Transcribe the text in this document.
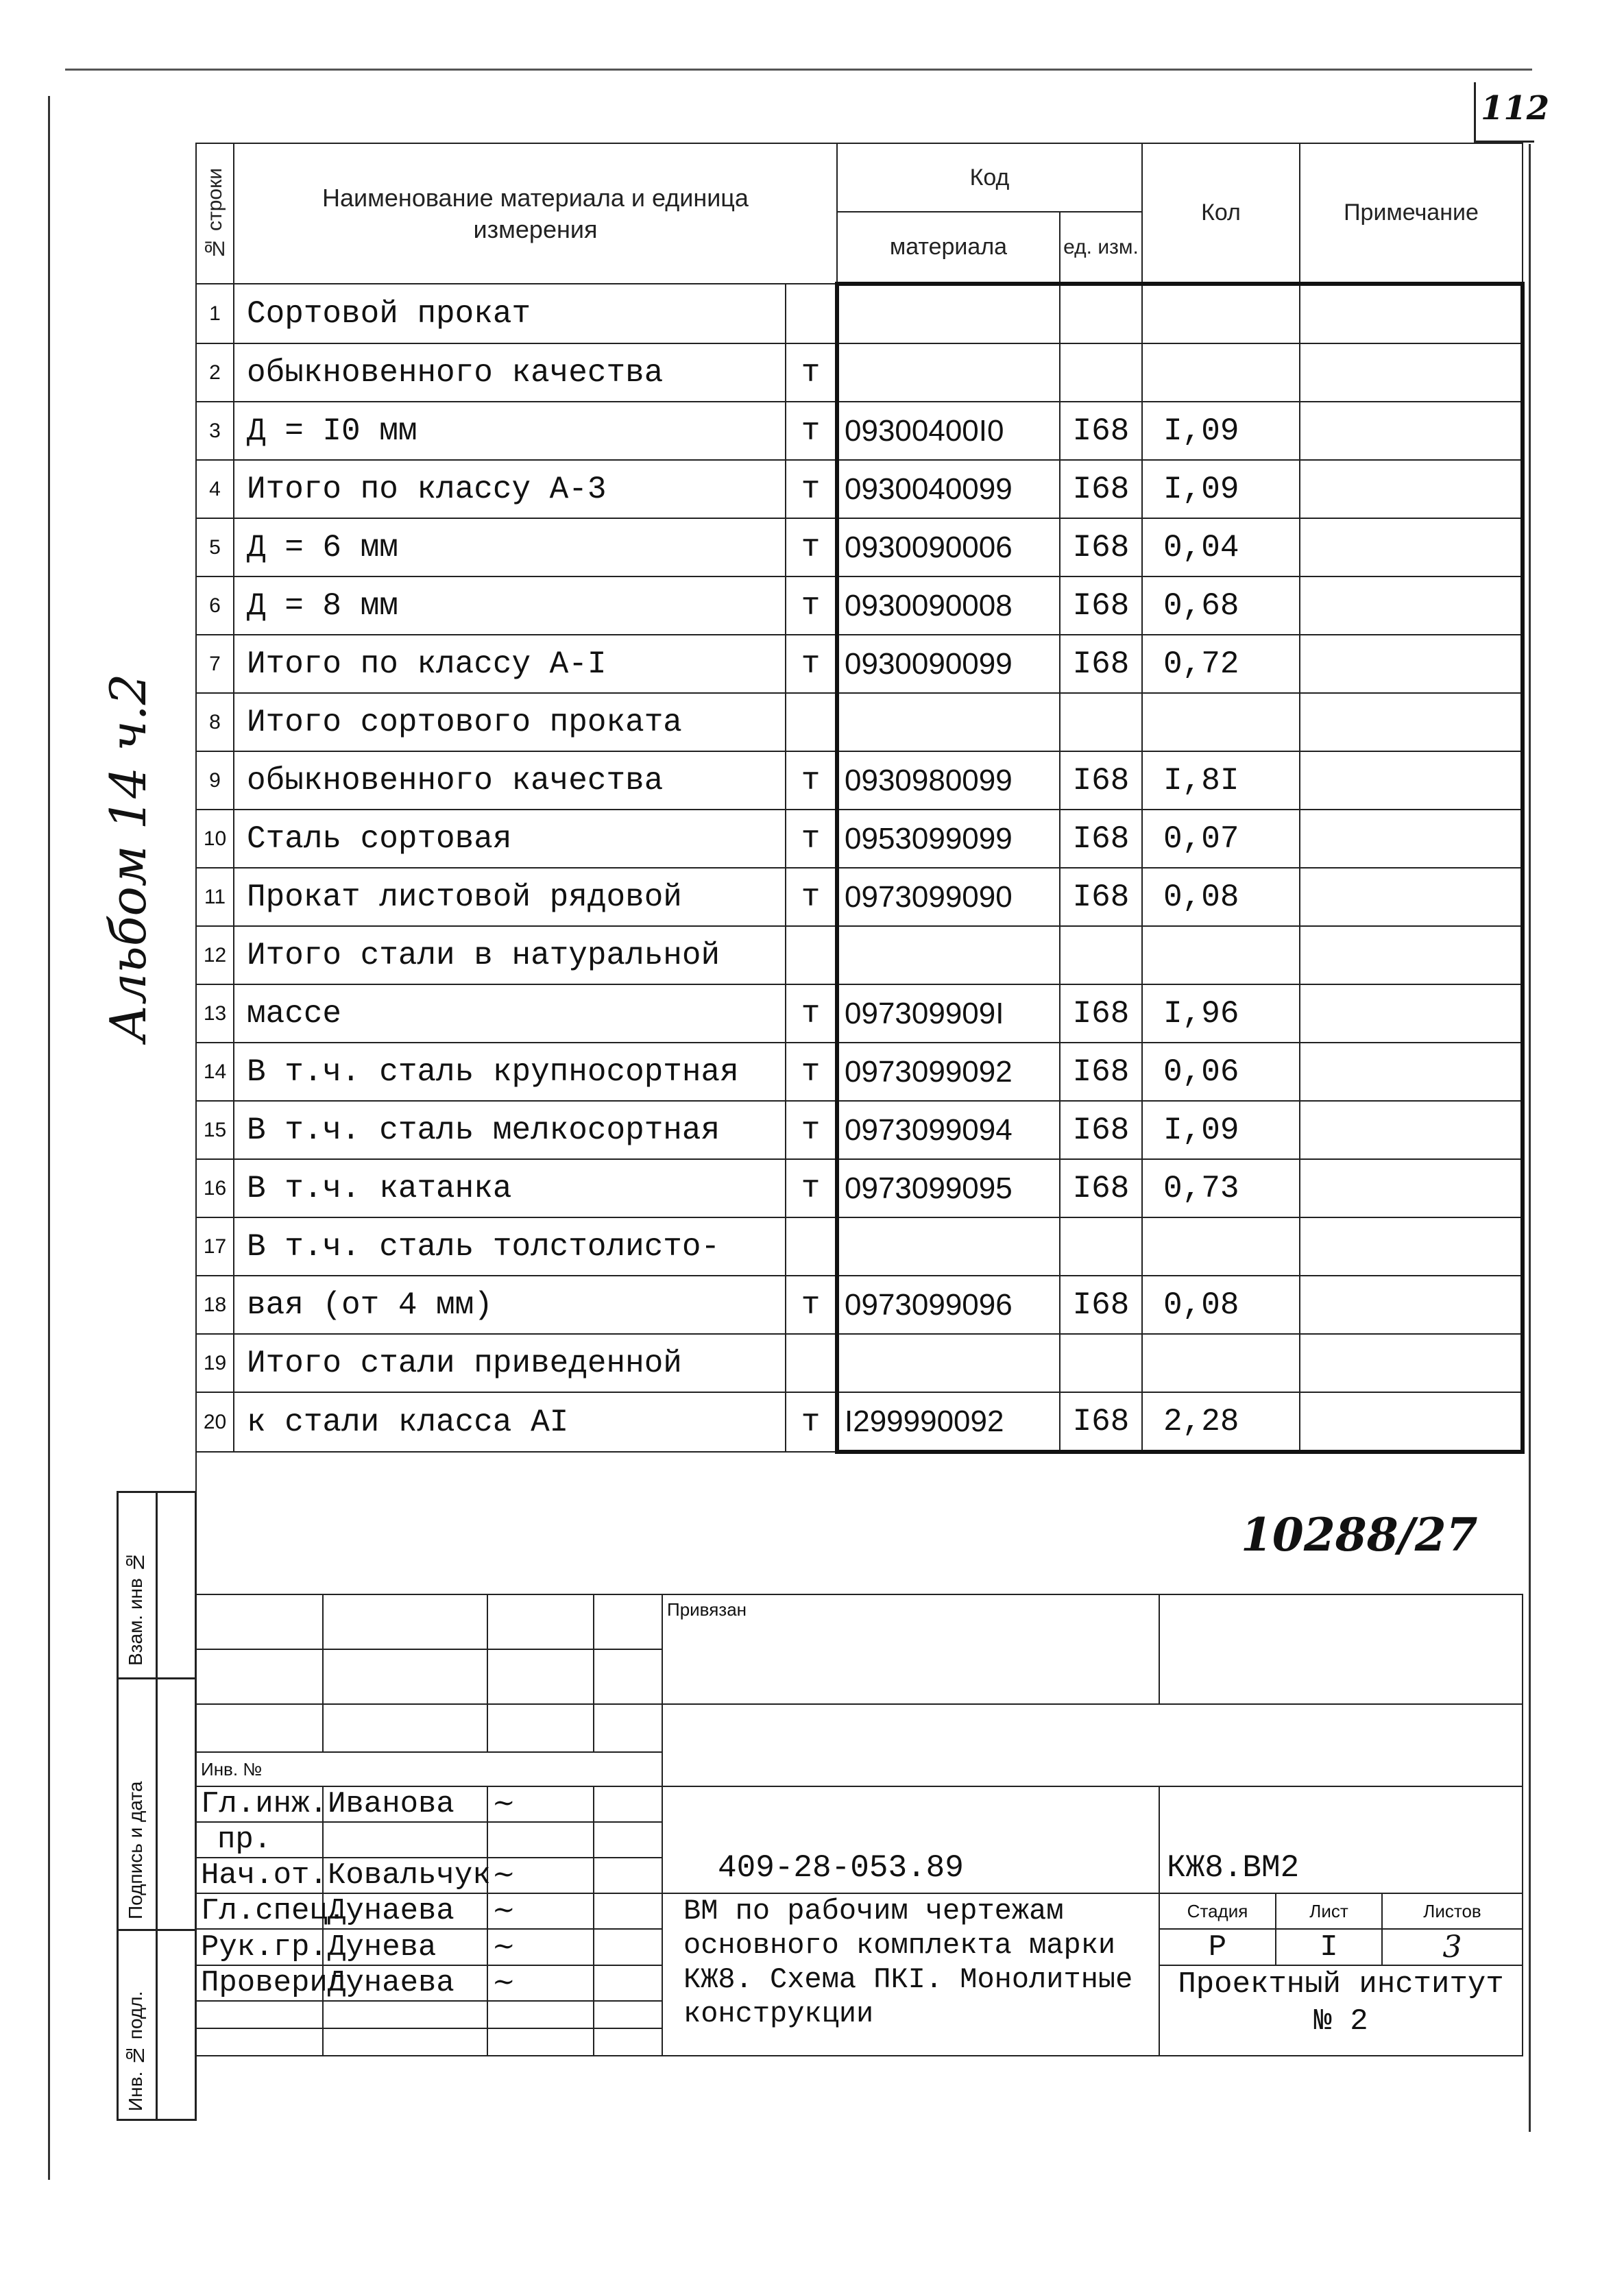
112
Альбом 14 ч.2
№ строки	Наименование материала и единица измерения		Код		Кол	Примечание
			материала	ед. изм.		
1	Сортовой прокат					
2	обыкновенного качества	т				
3	Д = I0 мм	т	09300400I0	I68	I,09	
4	Итого по классу А-3	т	0930040099	I68	I,09	
5	Д = 6 мм	т	0930090006	I68	0,04	
6	Д = 8 мм	т	0930090008	I68	0,68	
7	Итого по классу А-I	т	0930090099	I68	0,72	
8	Итого сортового проката					
9	обыкновенного качества	т	0930980099	I68	I,8I	
10	Сталь сортовая	т	0953099099	I68	0,07	
11	Прокат листовой рядовой	т	0973099090	I68	0,08	
12	Итого стали в натуральной					
13	массе	т	097309909I	I68	I,96	
14	В т.ч. сталь крупносортная	т	0973099092	I68	0,06	
15	В т.ч. сталь мелкосортная	т	0973099094	I68	I,09	
16	В т.ч. катанка	т	0973099095	I68	0,73	
17	В т.ч. сталь толстолисто-					
18	вая (от 4 мм)	т	0973099096	I68	0,08	
19	Итого стали приведенной					
20	к стали класса АI	т	I299990092	I68	2,28	
10288/27
Взам. инв №
Подпись и дата
Инв. № подл.
				Привязан			

Инв. №							
Гл.инж.	Иванова	~		409-28-053.89	КЖ8.ВМ2		
пр.							
Нач.от.	Ковальчук	~					
Гл.спец.	Дунаева	~		ВМ по рабочим чертежам основного комплекта марки КЖ8. Схема ПКI. Монолитные конструкции	Стадия	Лист	Листов
Рук.гр.	Дунева	~			Р	I	3
Проверил	Дунаева	~			Проектный институт № 2		
